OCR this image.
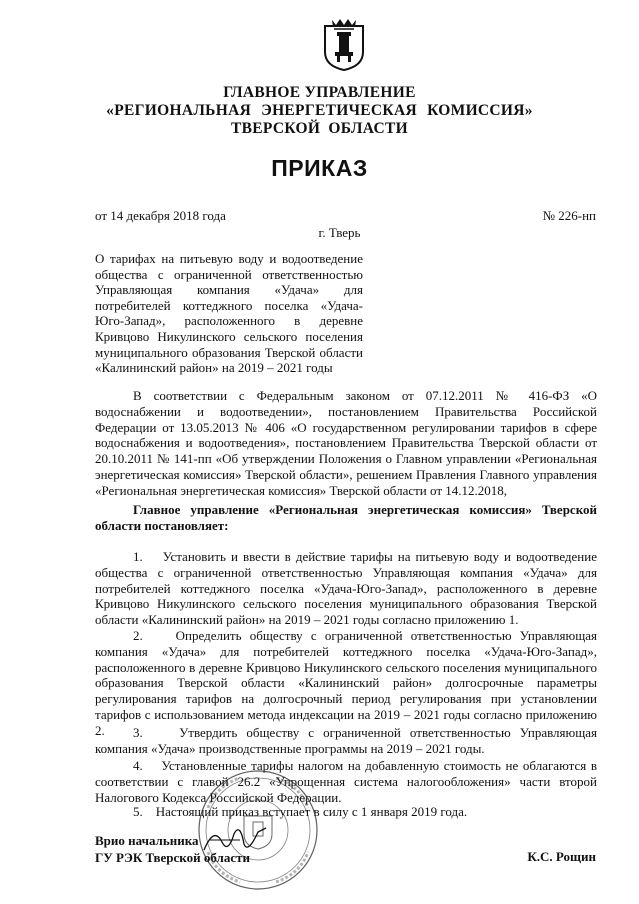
ГЛАВНОЕ УПРАВЛЕНИЕ
«РЕГИОНАЛЬНАЯ ЭНЕРГЕТИЧЕСКАЯ КОМИССИЯ»
ТВЕРСКОЙ ОБЛАСТИ
ПРИКАЗ
от 14 декабря 2018 года	№ 226-нп
г. Тверь
О тарифах на питьевую воду и водоотведение общества с ограниченной ответственностью Управляющая компания «Удача» для потребителей коттеджного поселка «Удача-Юго-Запад», расположенного в деревне Кривцово Никулинского сельского поселения муниципального образования Тверской области «Калининский район» на 2019 – 2021 годы
В соответствии с Федеральным законом от 07.12.2011 № 416-ФЗ «О водоснабжении и водоотведении», постановлением Правительства Российской Федерации от 13.05.2013 № 406 «О государственном регулировании тарифов в сфере водоснабжения и водоотведения», постановлением Правительства Тверской области от 20.10.2011 № 141-пп «Об утверждении Положения о Главном управлении «Региональная энергетическая комиссия» Тверской области», решением Правления Главного управления «Региональная энергетическая комиссия» Тверской области от 14.12.2018,
Главное управление «Региональная энергетическая комиссия» Тверской области постановляет:
1.    Установить и ввести в действие тарифы на питьевую воду и водоотведение общества с ограниченной ответственностью Управляющая компания «Удача» для потребителей коттеджного поселка «Удача-Юго-Запад», расположенного в деревне Кривцово Никулинского сельского поселения муниципального образования Тверской области «Калининский район» на 2019 – 2021 годы согласно приложению 1.
2.    Определить обществу с ограниченной ответственностью Управляющая компания «Удача» для потребителей коттеджного поселка «Удача-Юго-Запад», расположенного в деревне Кривцово Никулинского сельского поселения муниципального образования Тверской области «Калининский район» долгосрочные параметры регулирования тарифов на долгосрочный период регулирования при установлении тарифов с использованием метода индексации на 2019 – 2021 годы согласно приложению 2.	3.    Утвердить обществу с ограниченной ответственностью Управляющая компания «Удача» производственные программы на 2019 – 2021 годы.
4.    Установленные тарифы налогом на добавленную стоимость не облагаются в соответствии с главой 26.2 «Упрощенная система налогообложения» части второй Налогового Кодекса Российской Федерации.
5.    Настоящий приказ вступает в силу с 1 января 2019 года.
Врио начальника
ГУ РЭК Тверской области	К.С. Рощин
